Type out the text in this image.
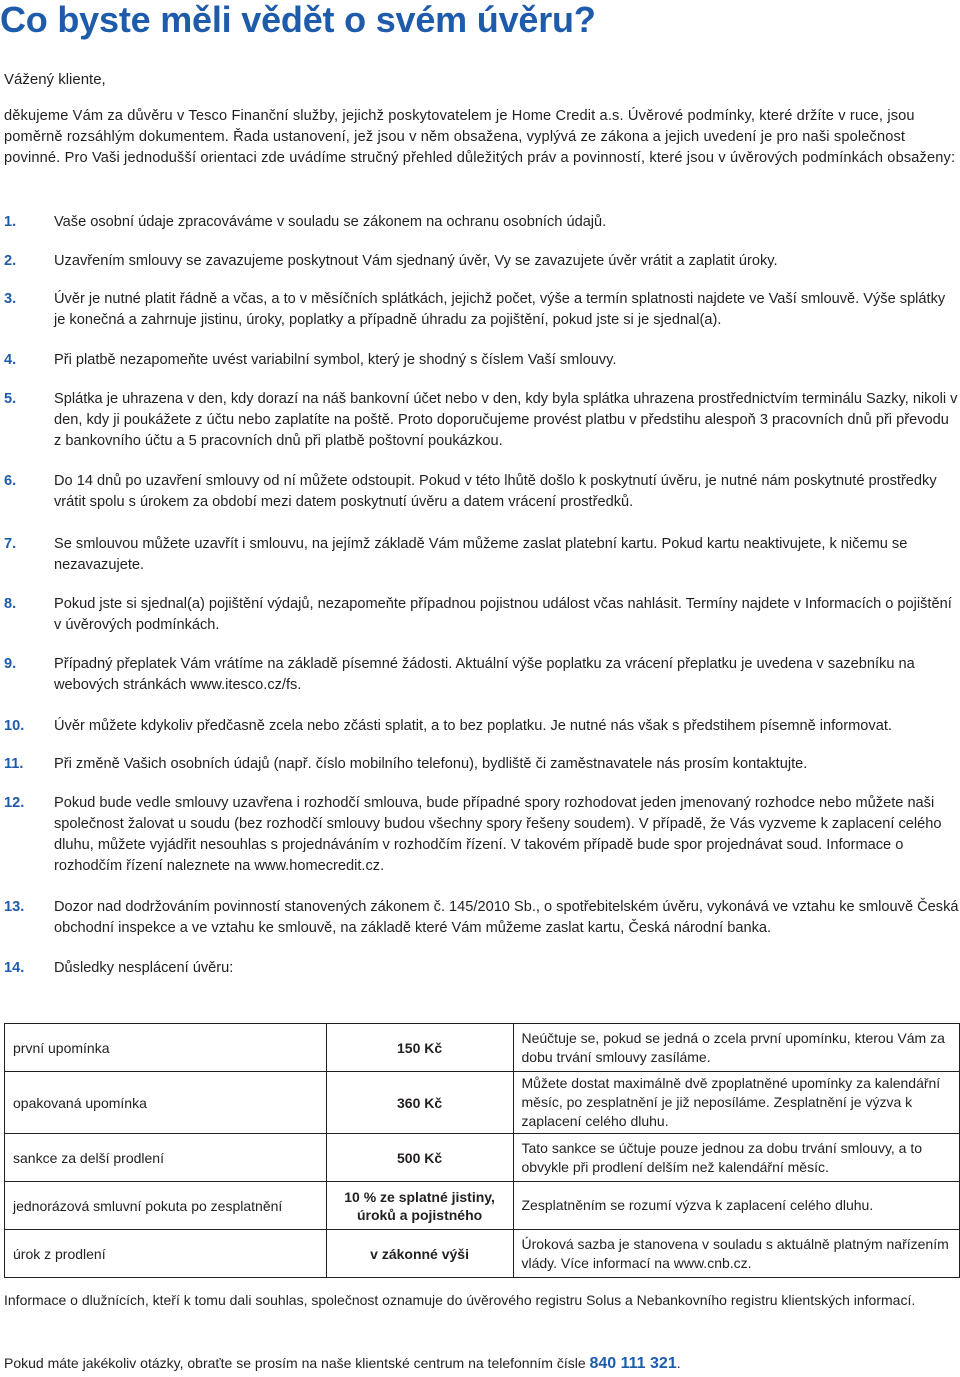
Co byste měli vědět o svém úvěru?
Vážený kliente,

děkujeme Vám za důvěru v Tesco Finanční služby, jejichž poskytovatelem je Home Credit a.s. Úvěrové podmínky, které držíte v ruce, jsou poměrně rozsáhlým dokumentem. Řada ustanovení, jež jsou v něm obsažena, vyplývá ze zákona a jejich uvedení je pro naši společnost povinné. Pro Vaši jednodušší orientaci zde uvádíme stručný přehled důležitých práv a povinností, které jsou v úvěrových podmínkách obsaženy:

1.	Vaše osobní údaje zpracováváme v souladu se zákonem na ochranu osobních údajů.
2.	Uzavřením smlouvy se zavazujeme poskytnout Vám sjednaný úvěr, Vy se zavazujete úvěr vrátit a zaplatit úroky.
3.	Úvěr je nutné platit řádně a včas, a to v měsíčních splátkách, jejichž počet, výše a termín splatnosti najdete ve Vaší smlouvě. Výše splátky je konečná a zahrnuje jistinu, úroky, poplatky a případně úhradu za pojištění, pokud jste si je sjednal(a).
4.	Při platbě nezapomeňte uvést variabilní symbol, který je shodný s číslem Vaší smlouvy.
5.	Splátka je uhrazena v den, kdy dorazí na náš bankovní účet nebo v den, kdy byla splátka uhrazena prostřednictvím terminálu Sazky, nikoli v den, kdy ji poukážete z účtu nebo zaplatíte na poště. Proto doporučujeme provést platbu v předstihu alespoň 3 pracovních dnů při převodu z bankovního účtu a 5 pracovních dnů při platbě poštovní poukázkou.
6.	Do 14 dnů po uzavření smlouvy od ní můžete odstoupit. Pokud v této lhůtě došlo k poskytnutí úvěru, je nutné nám poskytnuté prostředky vrátit spolu s úrokem za období mezi datem poskytnutí úvěru a datem vrácení prostředků.
7.	Se smlouvou můžete uzavřít i smlouvu, na jejímž základě Vám můžeme zaslat platební kartu. Pokud kartu neaktivujete, k ničemu se nezavazujete.
8.	Pokud jste si sjednal(a) pojištění výdajů, nezapomeňte případnou pojistnou událost včas nahlásit. Termíny najdete v Informacích o pojištění v úvěrových podmínkách.
9.	Případný přeplatek Vám vrátíme na základě písemné žádosti. Aktuální výše poplatku za vrácení přeplatku je uvedena v sazebníku na webových stránkách www.itesco.cz/fs.
10.	Úvěr můžete kdykoliv předčasně zcela nebo zčásti splatit, a to bez poplatku. Je nutné nás však s předstihem písemně informovat.
11.	Při změně Vašich osobních údajů (např. číslo mobilního telefonu), bydliště či zaměstnavatele nás prosím kontaktujte.
12.	Pokud bude vedle smlouvy uzavřena i rozhodčí smlouva, bude případné spory rozhodovat jeden jmenovaný rozhodce nebo můžete naši společnost žalovat u soudu (bez rozhodčí smlouvy budou všechny spory řešeny soudem). V případě, že Vás vyzveme k zaplacení celého dluhu, můžete vyjádřit nesouhlas s projednáváním v rozhodčím řízení. V takovém případě bude spor projednávat soud. Informace o rozhodčím řízení naleznete na www.homecredit.cz.
13.	Dozor nad dodržováním povinností stanovených zákonem č. 145/2010 Sb., o spotřebitelském úvěru, vykonává ve vztahu ke smlouvě Česká obchodní inspekce a ve vztahu ke smlouvě, na základě které Vám můžeme zaslat kartu, Česká národní banka.
14.	Důsledky nesplácení úvěru:
první upomínka	150 Kč	Neúčtuje se, pokud se jedná o zcela první upomínku, kterou Vám za dobu trvání smlouvy zasíláme.
opakovaná upomínka	360 Kč	Můžete dostat maximálně dvě zpoplatněné upomínky za kalendářní měsíc, po zesplatnění je již neposíláme. Zesplatnění je výzva k zaplacení celého dluhu.
sankce za delší prodlení	500 Kč	Tato sankce se účtuje pouze jednou za dobu trvání smlouvy, a to obvykle při prodlení delším než kalendářní měsíc.
jednorázová smluvní pokuta po zesplatnění	10 % ze splatné jistiny, úroků a pojistného	Zesplatněním se rozumí výzva k zaplacení celého dluhu.
úrok z prodlení	v zákonné výši	Úroková sazba je stanovena v souladu s aktuálně platným nařízením vlády. Více informací na www.cnb.cz.
Informace o dlužnících, kteří k tomu dali souhlas, společnost oznamuje do úvěrového registru Solus a Nebankovního registru klientských informací.
Pokud máte jakékoliv otázky, obraťte se prosím na naše klientské centrum na telefonním čísle 840 111 321.
